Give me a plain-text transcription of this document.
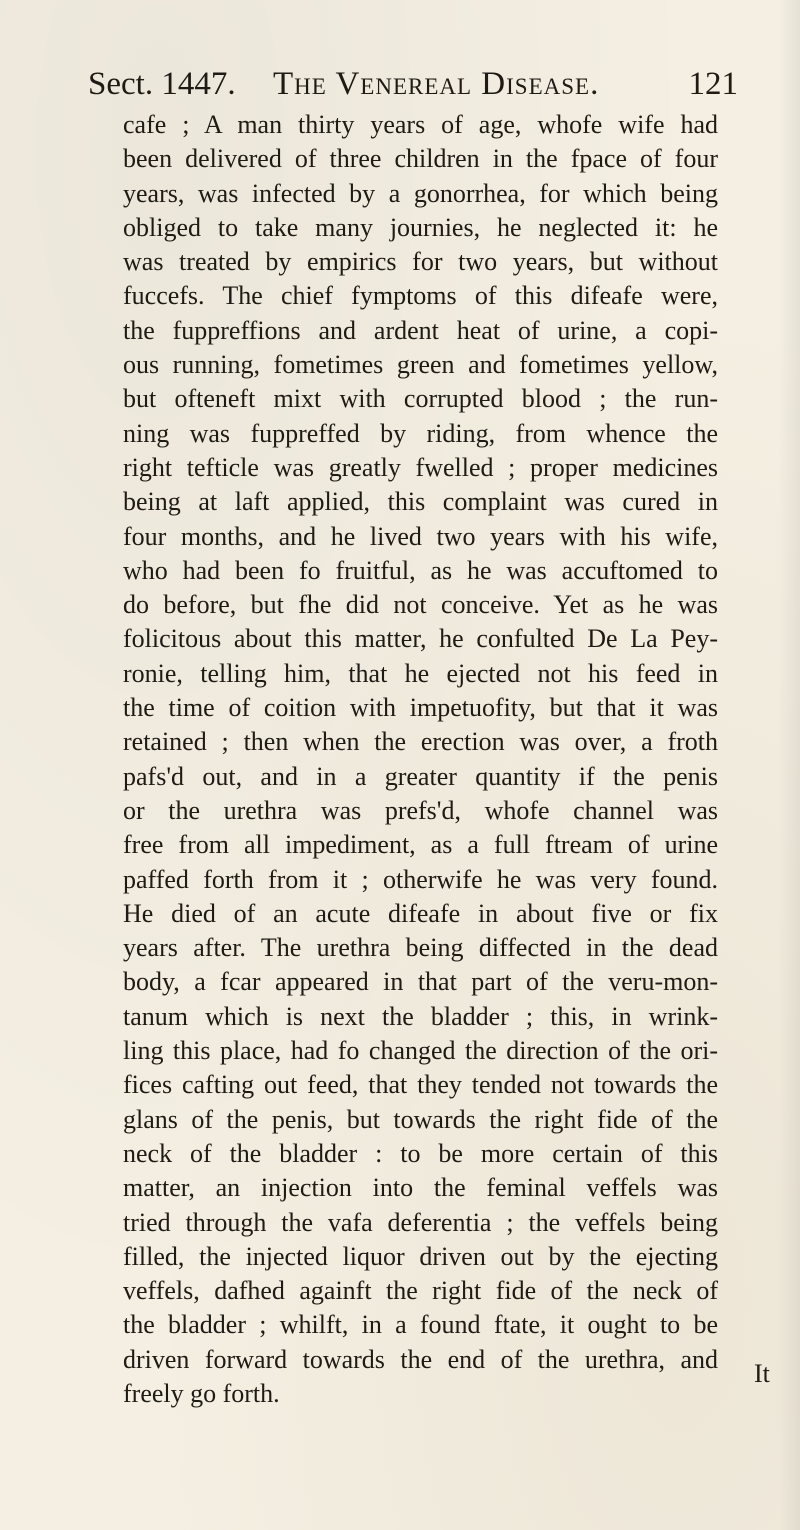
Sect. 1447. The Venereal Disease.	121
cafe ; A man thirty years of age, whofe wife had
been delivered of three children in the fpace of four
years, was infected by a gonorrhea, for which being
obliged to take many journies, he neglected it: he
was treated by empirics for two years, but without
fuccefs. The chief fymptoms of this difeafe were,
the fuppreffions and ardent heat of urine, a copi-
ous running, fometimes green and fometimes yellow,
but ofteneft mixt with corrupted blood ; the run-
ning was fuppreffed by riding, from whence the
right tefticle was greatly fwelled ; proper medicines
being at laft applied, this complaint was cured in
four months, and he lived two years with his wife,
who had been fo fruitful, as he was accuftomed to
do before, but fhe did not conceive. Yet as he was
folicitous about this matter, he confulted De La Pey-
ronie, telling him, that he ejected not his feed in
the time of coition with impetuofity, but that it was
retained ; then when the erection was over, a froth
pafs'd out, and in a greater quantity if the penis
or the urethra was prefs'd, whofe channel was
free from all impediment, as a full ftream of urine
paffed forth from it ; otherwife he was very found.
He died of an acute difeafe in about five or fix
years after. The urethra being diffected in the dead
body, a fcar appeared in that part of the veru-mon-
tanum which is next the bladder ; this, in wrink-
ling this place, had fo changed the direction of the ori-
fices cafting out feed, that they tended not towards the
glans of the penis, but towards the right fide of the
neck of the bladder : to be more certain of this
matter, an injection into the feminal veffels was
tried through the vafa deferentia ; the veffels being
filled, the injected liquor driven out by the ejecting
veffels, dafhed againft the right fide of the neck of
the bladder ; whilft, in a found ftate, it ought to be
driven forward towards the end of the urethra, and
freely go forth.
It
